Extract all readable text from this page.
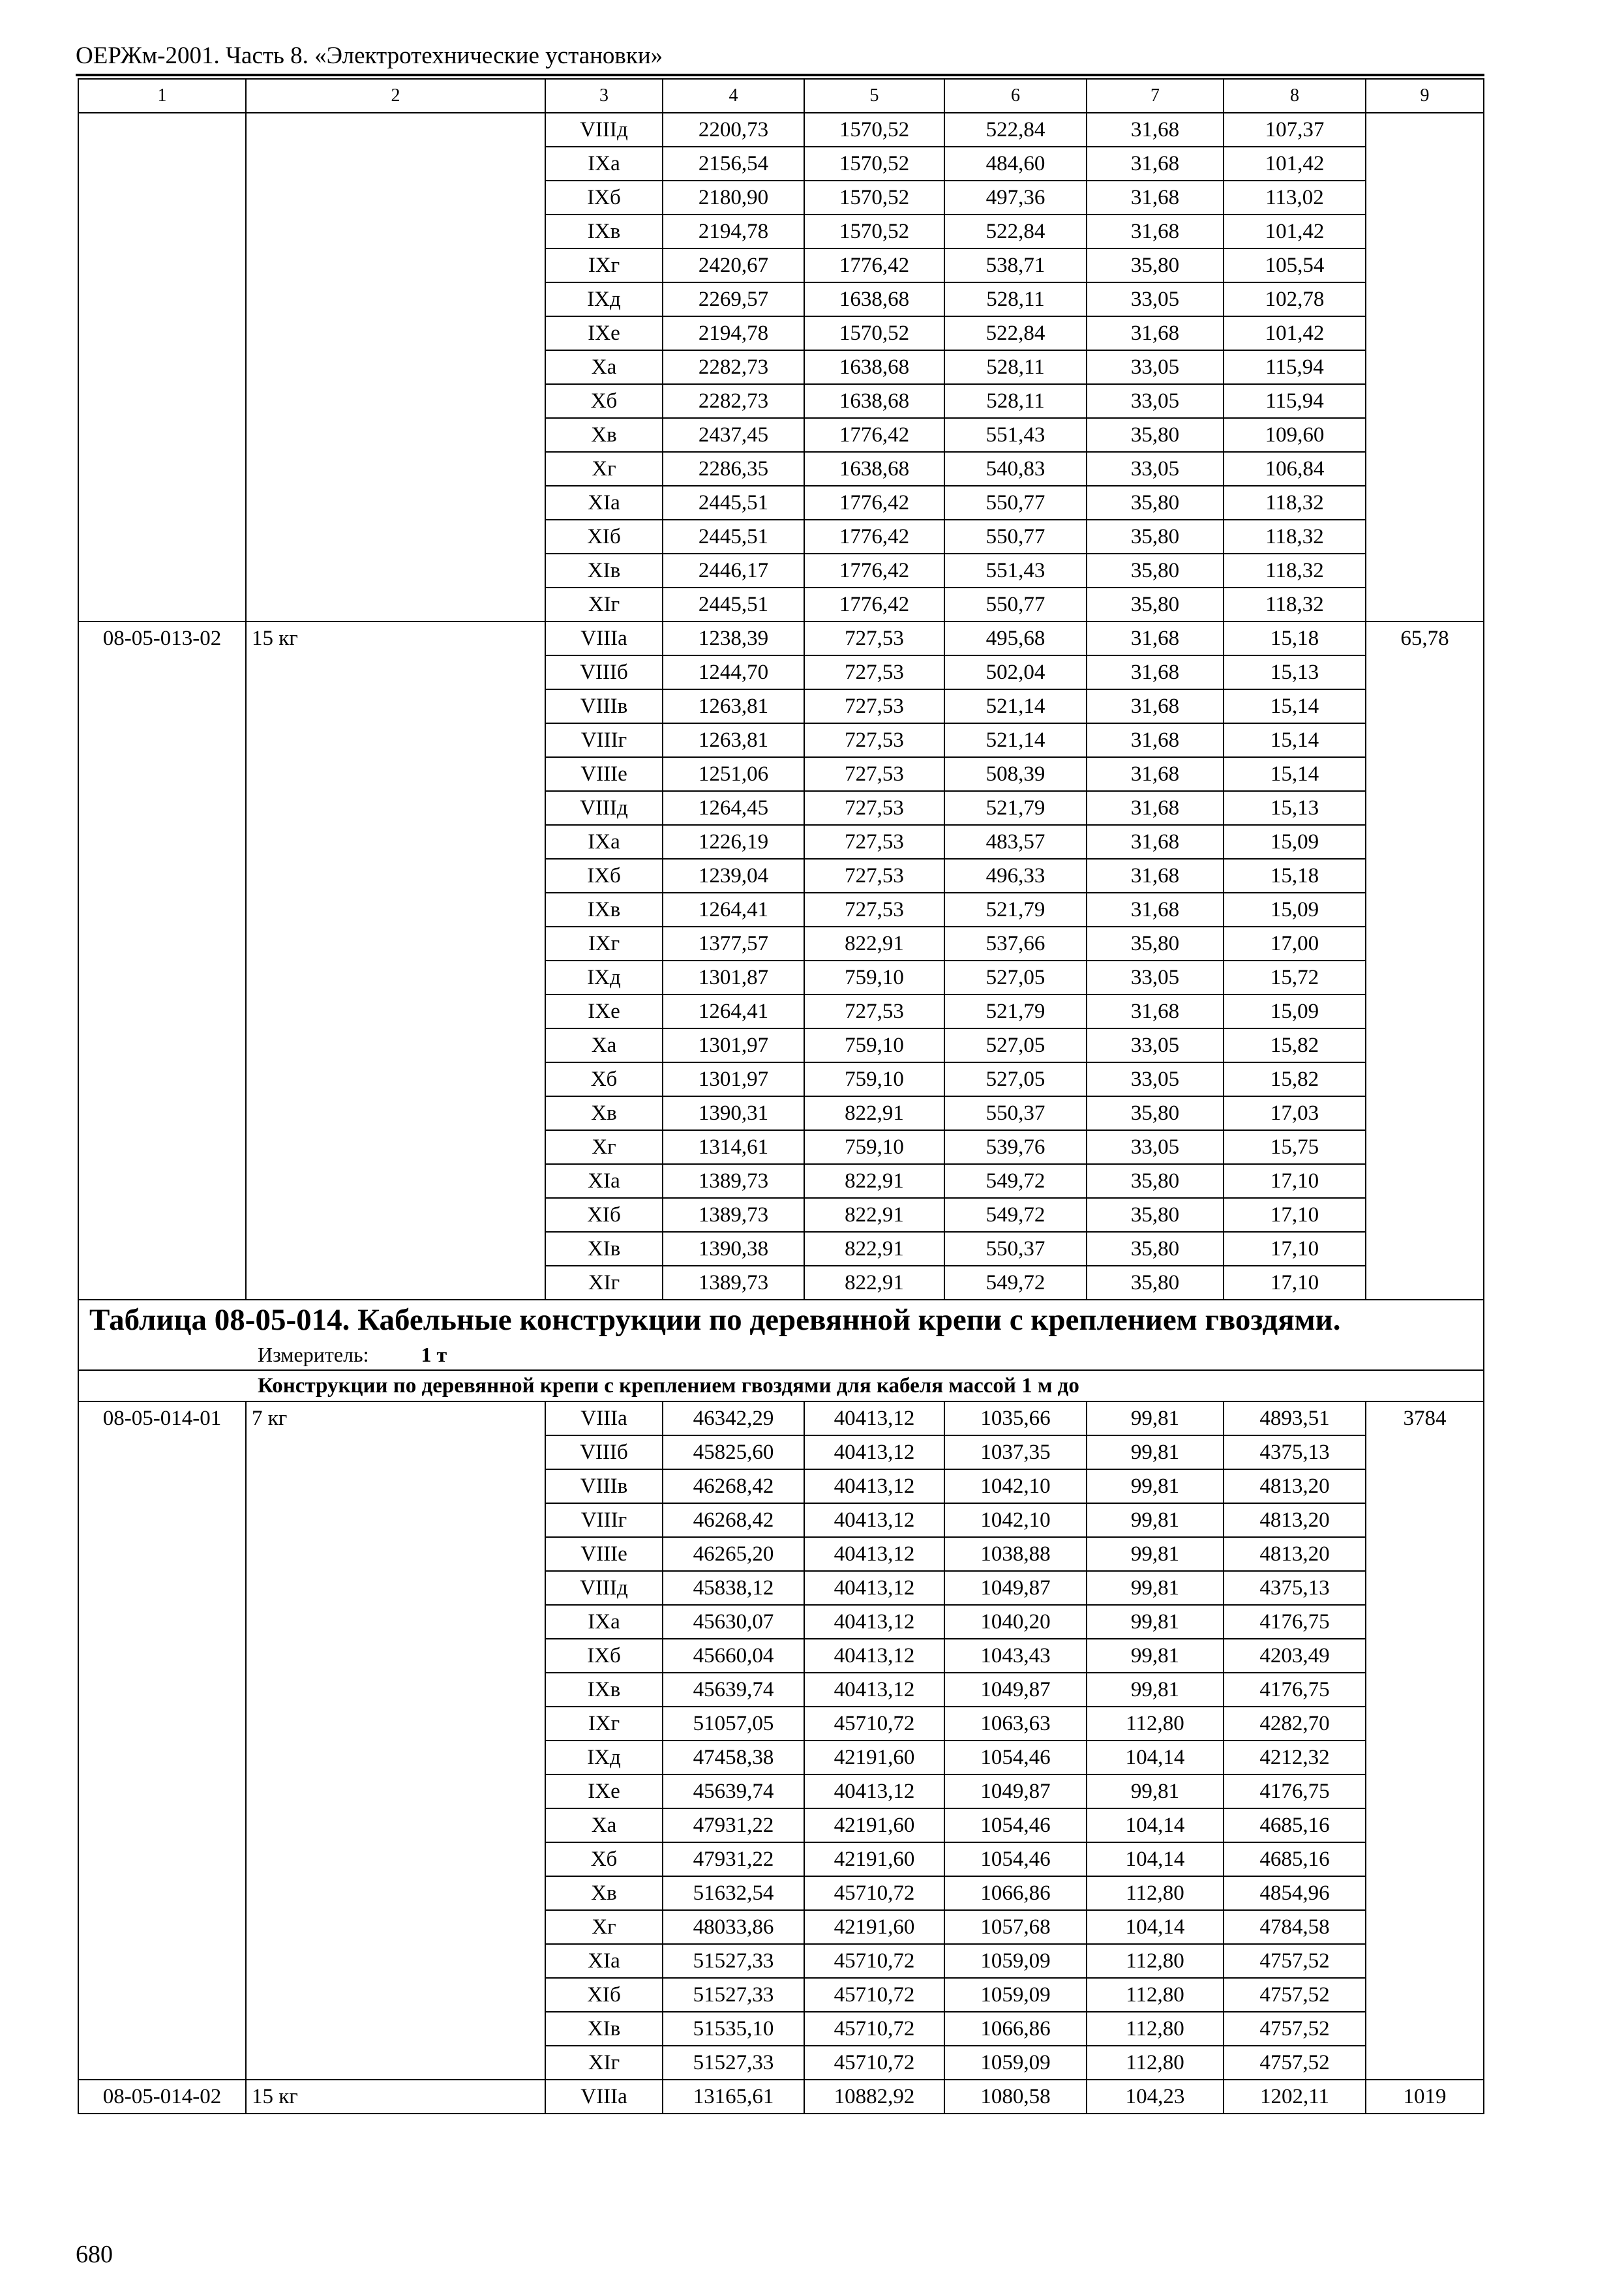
ОЕРЖм-2001. Часть 8. «Электротехнические установки»
1	2	3	4	5	6	7	8	9
		VIIIд	2200,73	1570,52	522,84	31,68	107,37	
		IXa	2156,54	1570,52	484,60	31,68	101,42	
		IXб	2180,90	1570,52	497,36	31,68	113,02	
		IXв	2194,78	1570,52	522,84	31,68	101,42	
		IXг	2420,67	1776,42	538,71	35,80	105,54	
		IXд	2269,57	1638,68	528,11	33,05	102,78	
		IXe	2194,78	1570,52	522,84	31,68	101,42	
		Xa	2282,73	1638,68	528,11	33,05	115,94	
		Xб	2282,73	1638,68	528,11	33,05	115,94	
		Xв	2437,45	1776,42	551,43	35,80	109,60	
		Xг	2286,35	1638,68	540,83	33,05	106,84	
		XIa	2445,51	1776,42	550,77	35,80	118,32	
		XIб	2445,51	1776,42	550,77	35,80	118,32	
		XIв	2446,17	1776,42	551,43	35,80	118,32	
		XIг	2445,51	1776,42	550,77	35,80	118,32	
08-05-013-02	15 кг	VIIIa	1238,39	727,53	495,68	31,68	15,18	65,78
		VIIIб	1244,70	727,53	502,04	31,68	15,13	
		VIIIв	1263,81	727,53	521,14	31,68	15,14	
		VIIIг	1263,81	727,53	521,14	31,68	15,14	
		VIIIe	1251,06	727,53	508,39	31,68	15,14	
		VIIIд	1264,45	727,53	521,79	31,68	15,13	
		IXa	1226,19	727,53	483,57	31,68	15,09	
		IXб	1239,04	727,53	496,33	31,68	15,18	
		IXв	1264,41	727,53	521,79	31,68	15,09	
		IXг	1377,57	822,91	537,66	35,80	17,00	
		IXд	1301,87	759,10	527,05	33,05	15,72	
		IXe	1264,41	727,53	521,79	31,68	15,09	
		Xa	1301,97	759,10	527,05	33,05	15,82	
		Xб	1301,97	759,10	527,05	33,05	15,82	
		Xв	1390,31	822,91	550,37	35,80	17,03	
		Xг	1314,61	759,10	539,76	33,05	15,75	
		XIa	1389,73	822,91	549,72	35,80	17,10	
		XIб	1389,73	822,91	549,72	35,80	17,10	
		XIв	1390,38	822,91	550,37	35,80	17,10	
		XIг	1389,73	822,91	549,72	35,80	17,10	
Таблица 08-05-014. Кабельные конструкции по деревянной крепи с креплением гвоздями.								
Измеритель: 1 т								
Конструкции по деревянной крепи с креплением гвоздями для кабеля массой 1 м до								
08-05-014-01	7 кг	VIIIa	46342,29	40413,12	1035,66	99,81	4893,51	3784
		VIIIб	45825,60	40413,12	1037,35	99,81	4375,13	
		VIIIв	46268,42	40413,12	1042,10	99,81	4813,20	
		VIIIг	46268,42	40413,12	1042,10	99,81	4813,20	
		VIIIe	46265,20	40413,12	1038,88	99,81	4813,20	
		VIIIд	45838,12	40413,12	1049,87	99,81	4375,13	
		IXa	45630,07	40413,12	1040,20	99,81	4176,75	
		IXб	45660,04	40413,12	1043,43	99,81	4203,49	
		IXв	45639,74	40413,12	1049,87	99,81	4176,75	
		IXг	51057,05	45710,72	1063,63	112,80	4282,70	
		IXд	47458,38	42191,60	1054,46	104,14	4212,32	
		IXe	45639,74	40413,12	1049,87	99,81	4176,75	
		Xa	47931,22	42191,60	1054,46	104,14	4685,16	
		Xб	47931,22	42191,60	1054,46	104,14	4685,16	
		Xв	51632,54	45710,72	1066,86	112,80	4854,96	
		Xг	48033,86	42191,60	1057,68	104,14	4784,58	
		XIa	51527,33	45710,72	1059,09	112,80	4757,52	
		XIб	51527,33	45710,72	1059,09	112,80	4757,52	
		XIв	51535,10	45710,72	1066,86	112,80	4757,52	
		XIг	51527,33	45710,72	1059,09	112,80	4757,52	
08-05-014-02	15 кг	VIIIa	13165,61	10882,92	1080,58	104,23	1202,11	1019
680
